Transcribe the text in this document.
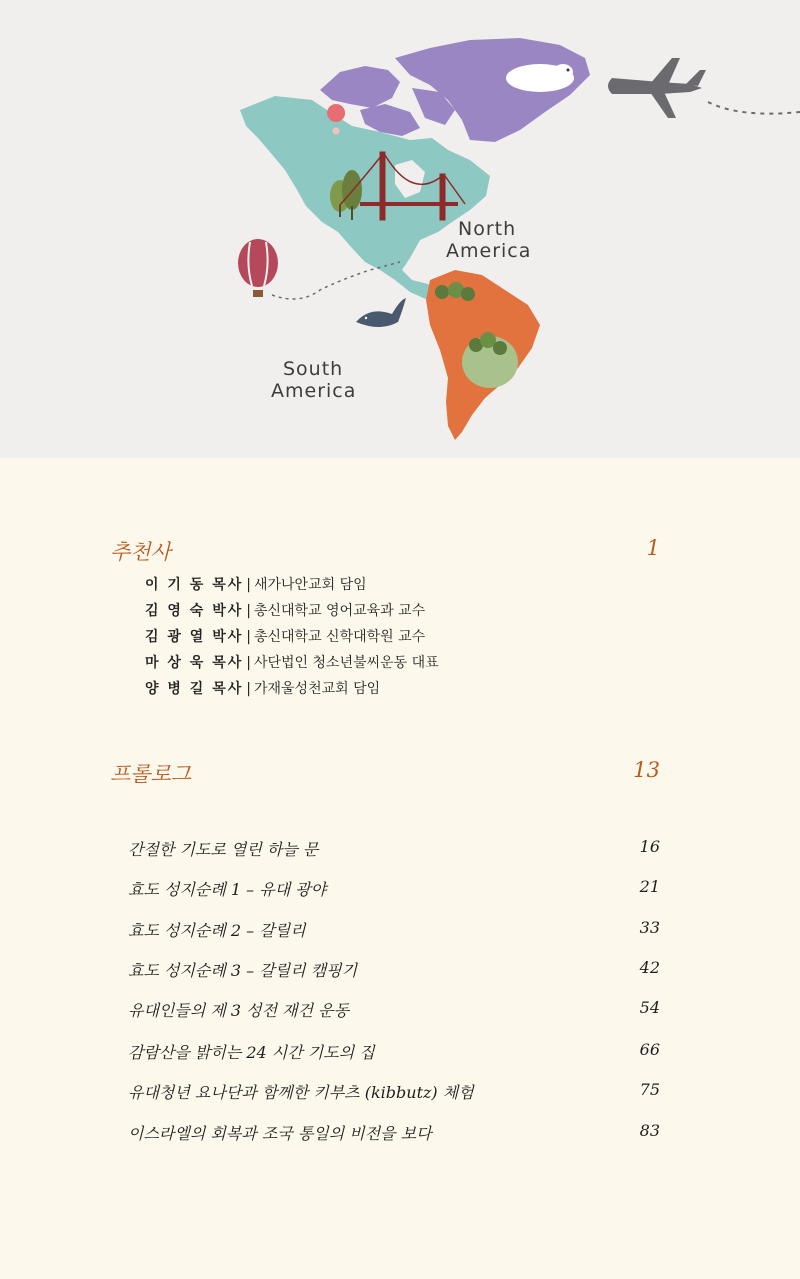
North
America
South
America
추천사	1
이 기 동 목사 | 새가나안교회 담임
김 영 숙 박사 | 총신대학교 영어교육과 교수
김 광 열 박사 | 총신대학교 신학대학원 교수
마 상 욱 목사 | 사단법인 청소년불씨운동 대표
양 병 길 목사 | 가재울성천교회 담임
프롤로그	13
간절한 기도로 열린 하늘 문	16
효도 성지순례 1 – 유대 광야	21
효도 성지순례 2 – 갈릴리	33
효도 성지순례 3 – 갈릴리 캠핑기	42
유대인들의 제 3 성전 재건 운동	54
감람산을 밝히는 24 시간 기도의 집	66
유대청년 요나단과 함께한 키부츠 (kibbutz) 체험	75
이스라엘의 회복과 조국 통일의 비전을 보다	83
